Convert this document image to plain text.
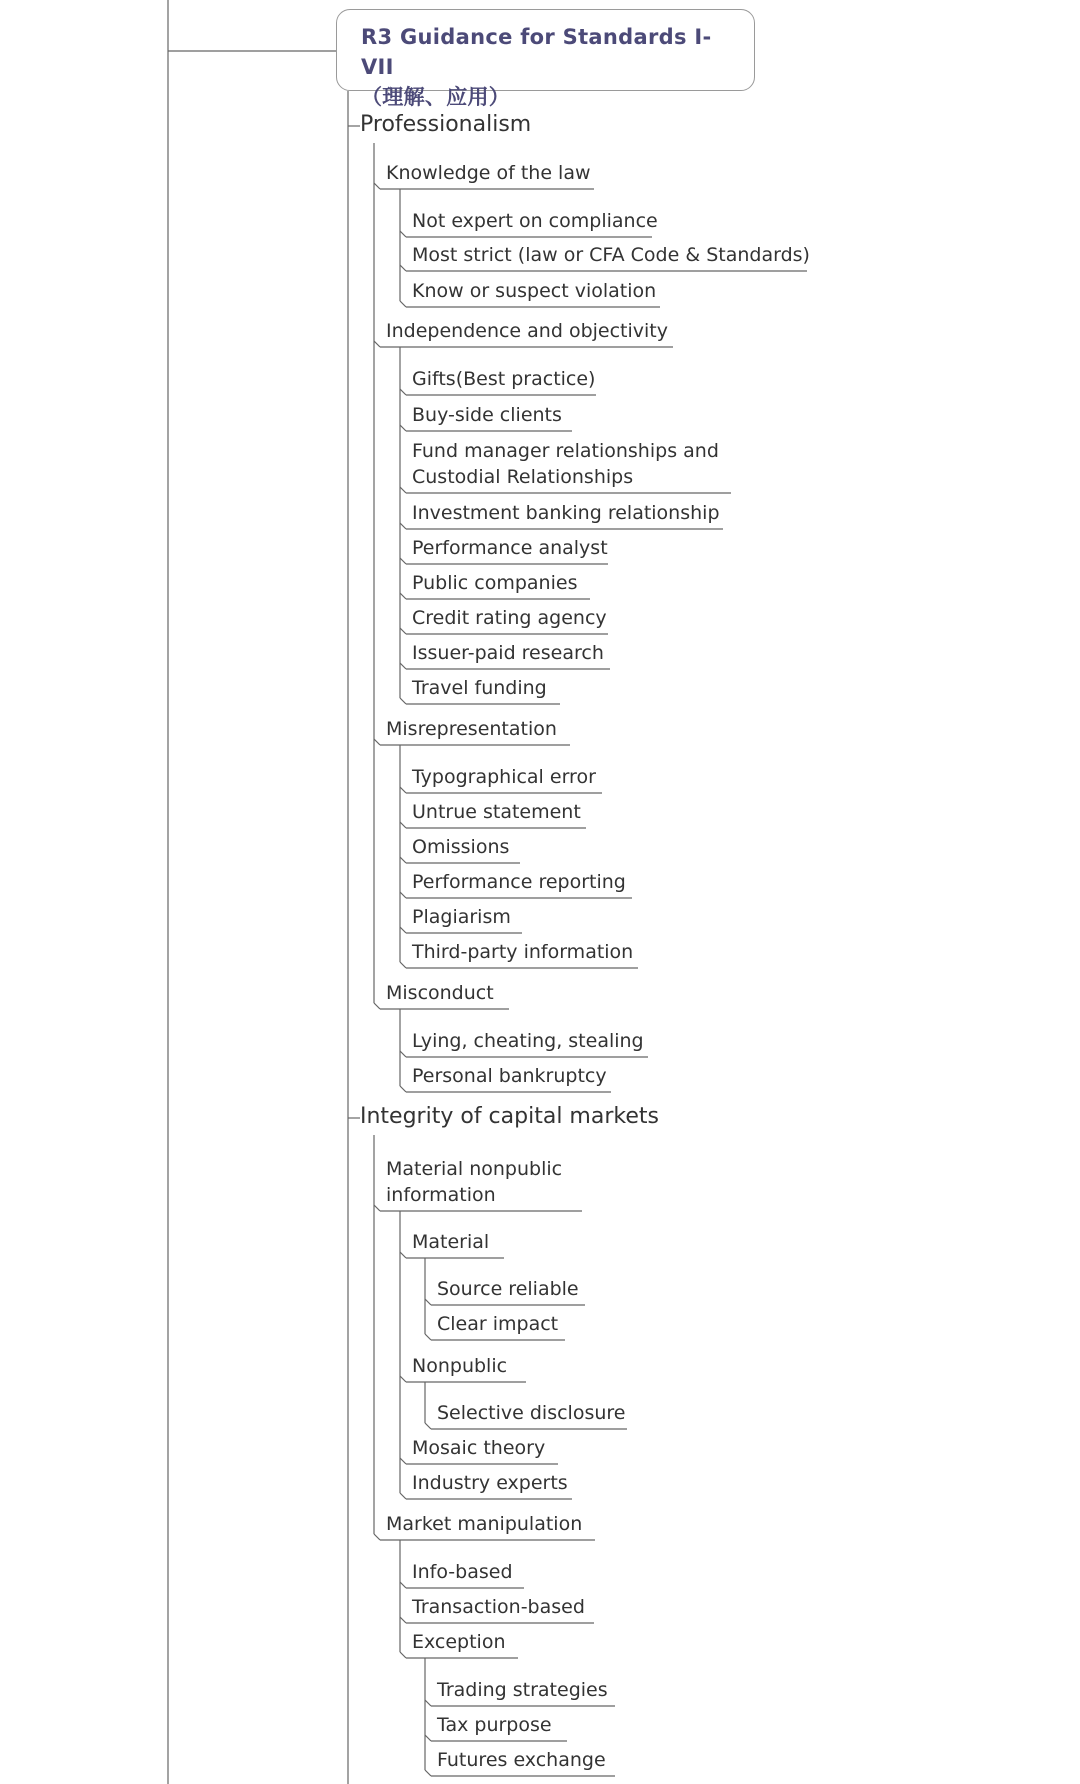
R3 Guidance for Standards I-VII
（理解、应用）
Professionalism
Knowledge of the law
Not expert on compliance
Most strict (law or CFA Code & Standards)
Know or suspect violation
Independence and objectivity
Gifts(Best practice)
Buy-side clients
Fund manager relationships and Custodial Relationships
Investment banking relationship
Performance analyst
Public companies
Credit rating agency
Issuer-paid research
Travel funding
Misrepresentation
Typographical error
Untrue statement
Omissions
Performance reporting
Plagiarism
Third-party information
Misconduct
Lying, cheating, stealing
Personal bankruptcy
Integrity of capital markets
Material nonpublic information
Material
Source reliable
Clear impact
Nonpublic
Selective disclosure
Mosaic theory
Industry experts
Market manipulation
Info-based
Transaction-based
Exception
Trading strategies
Tax purpose
Futures exchange
